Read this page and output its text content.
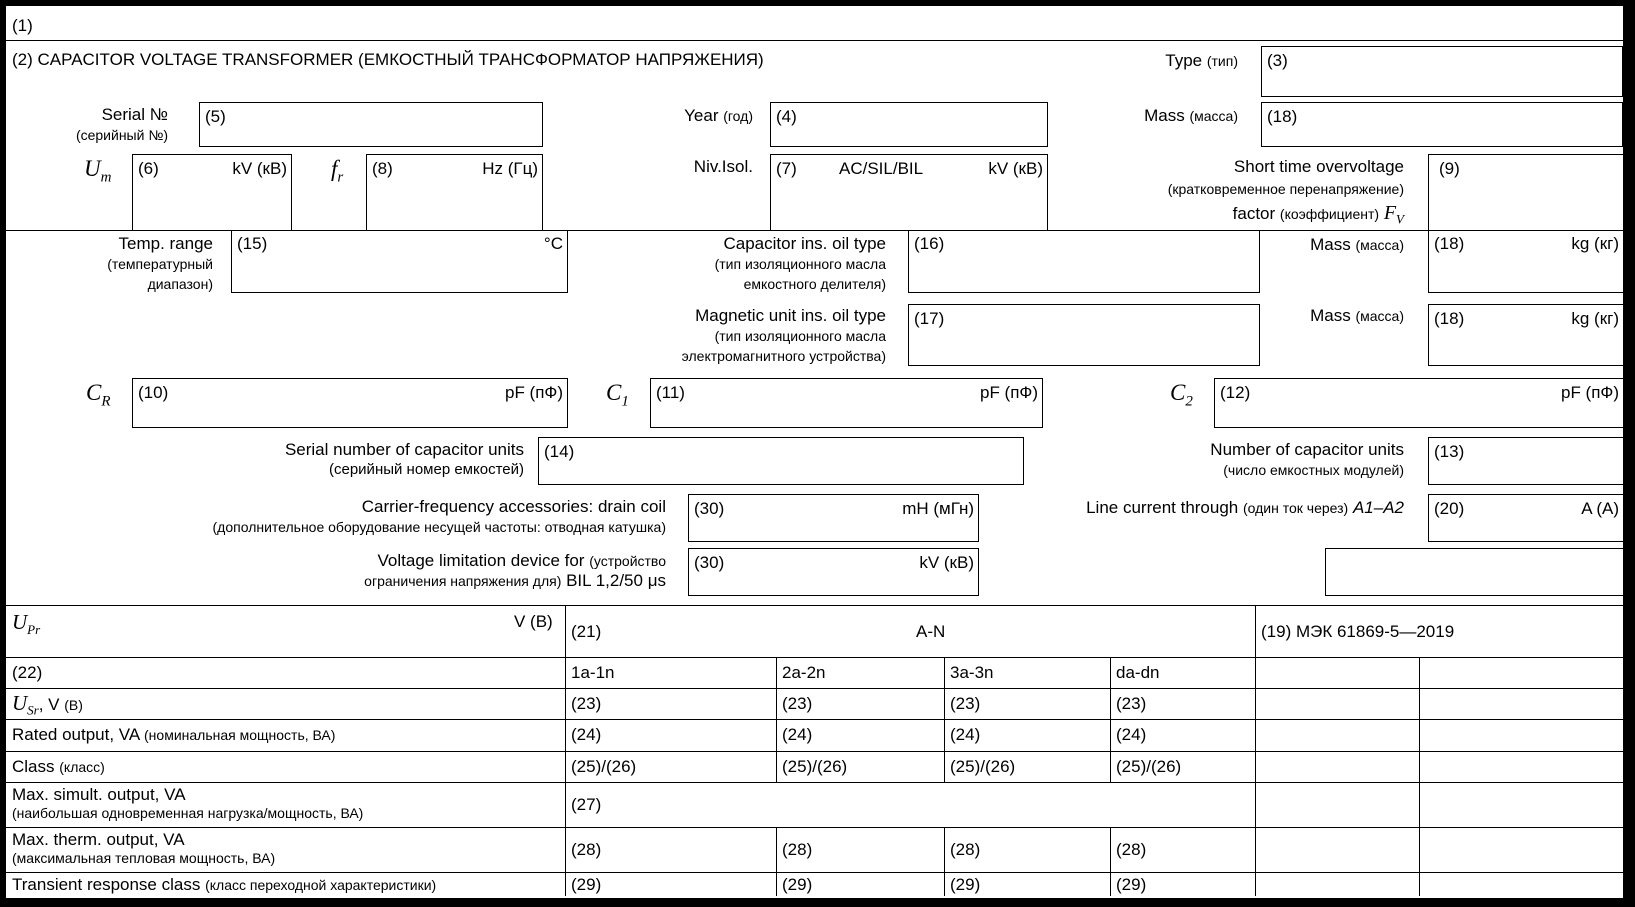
(1)
(2) CAPACITOR VOLTAGE TRANSFORMER (ЕМКОСТНЫЙ ТРАНСФОРМАТОР НАПРЯЖЕНИЯ)	Type (тип) (3)
Serial №
(серийный №)
(5)	Year (год) (4)	Mass (масса) (18)
$U_m$ (6)	kV (кВ) $f_r$ (8)	Hz (Гц)	Niv.Isol. (7) AC/SIL/BIL	kV (кВ)	Short time overvoltage
(кратковременное перенапряжение)
factor (коэффициент) $F_V$
(9)
Temp. range
(температурный
диапазон)
(15)	°C	Capacitor ins. oil type
(тип изоляционного масла
емкостного делителя)
(16)	Mass (масса) (18)	kg (кг)
Magnetic unit ins. oil type
(тип изоляционного масла
электромагнитного устройства)
(17)	Mass (масса) (18)	kg (кг)
$C_R$ (10)	pF (пФ) $C_1$ (11)	pF (пФ)	$C_2$ (12)	pF (пФ)
Serial number of capacitor units
(серийный номер емкостей)
(14)	Number of capacitor units
(число емкостных модулей)
(13)
Carrier-frequency accessories: drain coil
(дополнительное оборудование несущей частоты: отводная катушка)
(30)	mH (мГн)	Line current through (один ток через) A1–A2 (20)	A (A)
Voltage limitation device for (устройство
ограничения напряжения для) BIL 1,2/50 μs
(30)	kV (кВ)
$U_{Pr}$	V (B)
(21)	A-N	(19) МЭК 61869-5—2019
(22)	1a-1n	2a-2n	3a-3n	da-dn
$U_{Sr}$, V (B)	(23)	(23)	(23)	(23)
Rated output, VA (номинальная мощность, ВА)	(24)	(24)	(24)	(24)
Class (класс)	(25)/(26)	(25)/(26)	(25)/(26)	(25)/(26)
Max. simult. output, VA
(наибольшая одновременная нагрузка/мощность, ВА)	(27)
Max. therm. output, VA
(максимальная тепловая мощность, ВА)	(28)	(28)	(28)	(28)
Transient response class (класс переходной характеристики)	(29)	(29)	(29)	(29)
